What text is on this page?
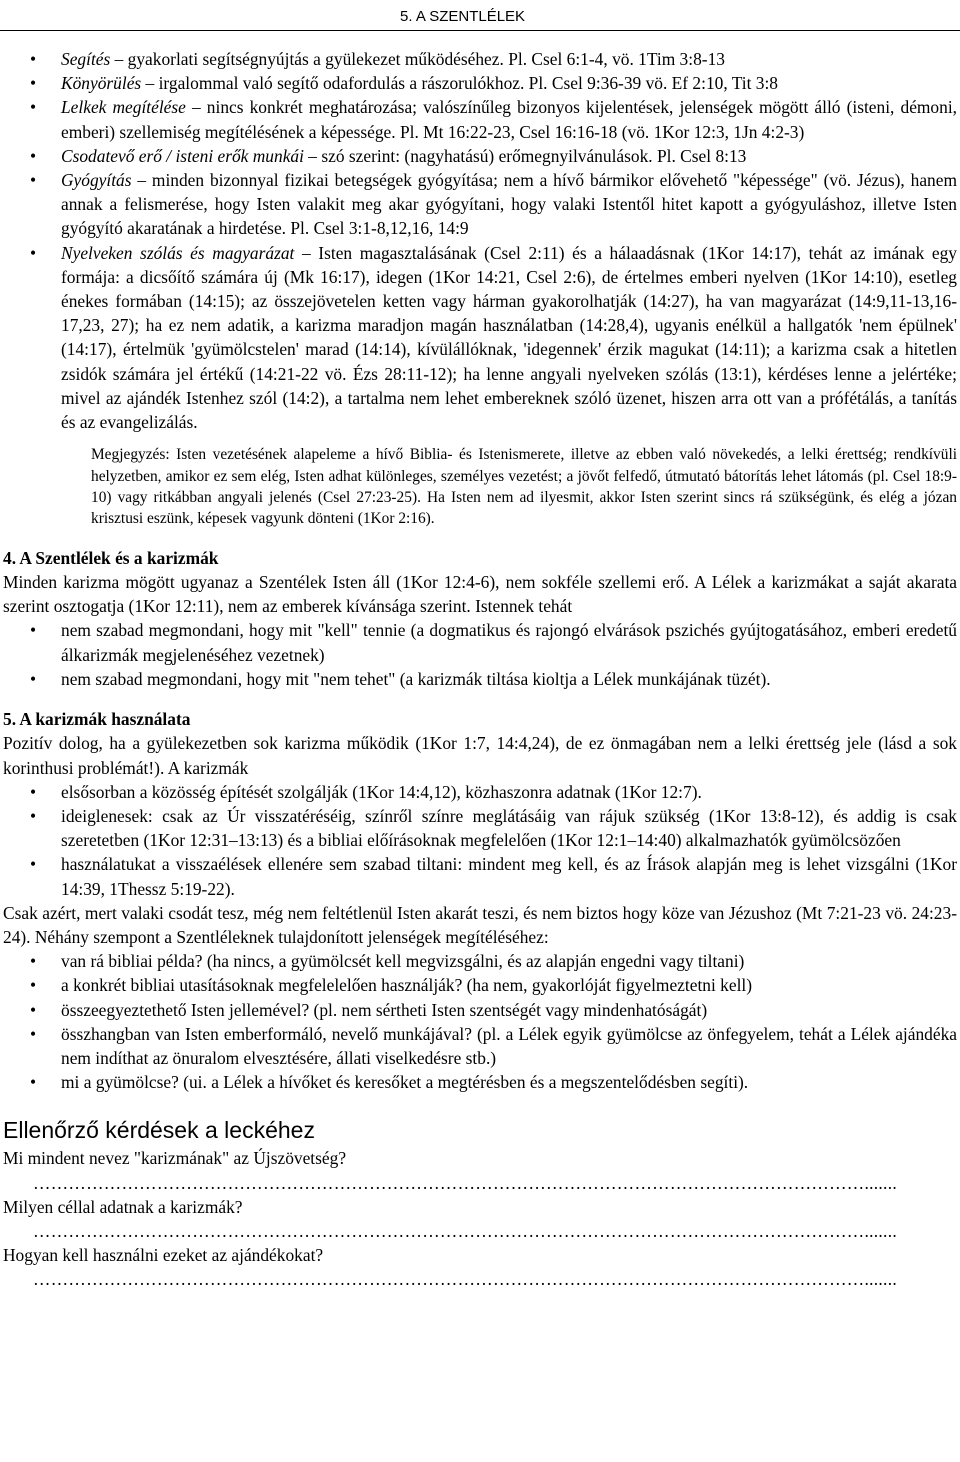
5. A SZENTLÉLEK
• Segítés – gyakorlati segítségnyújtás a gyülekezet működéséhez. Pl. Csel 6:1-4, vö. 1Tim 3:8-13
• Könyörülés – irgalommal való segítő odafordulás a rászorulókhoz. Pl. Csel 9:36-39 vö. Ef 2:10, Tit 3:8
• Lelkek megítélése – nincs konkrét meghatározása; valószínűleg bizonyos kijelentések, jelenségek mögött álló (isteni, démoni, emberi) szellemiség megítélésének a képessége. Pl. Mt 16:22-23, Csel 16:16-18 (vö. 1Kor 12:3, 1Jn 4:2-3)
• Csodatevő erő / isteni erők munkái – szó szerint: (nagyhatású) erőmegnyilvánulások. Pl. Csel 8:13
• Gyógyítás – minden bizonnyal fizikai betegségek gyógyítása; nem a hívő bármikor elővehető "képessége" (vö. Jézus), hanem annak a felismerése, hogy Isten valakit meg akar gyógyítani, hogy valaki Istentől hitet kapott a gyógyuláshoz, illetve Isten gyógyító akaratának a hirdetése. Pl. Csel 3:1-8,12,16, 14:9
• Nyelveken szólás és magyarázat – Isten magasztalásának (Csel 2:11) és a hálaadásnak (1Kor 14:17), tehát az imának egy formája: a dicsőítő számára új (Mk 16:17), idegen (1Kor 14:21, Csel 2:6), de értelmes emberi nyelven (1Kor 14:10), esetleg énekes formában (14:15); az összejövetelen ketten vagy hárman gyakorolhatják (14:27), ha van magyarázat (14:9,11-13,16-17,23, 27); ha ez nem adatik, a karizma maradjon magán használatban (14:28,4), ugyanis enélkül a hallgatók 'nem épülnek' (14:17), értelmük 'gyümölcstelen' marad (14:14), kívülállóknak, 'idegennek' érzik magukat (14:11); a karizma csak a hitetlen zsidók számára jel értékű (14:21-22 vö. Ézs 28:11-12); ha lenne angyali nyelveken szólás (13:1), kérdéses lenne a jelértéke; mivel az ajándék Istenhez szól (14:2), a tartalma nem lehet embereknek szóló üzenet, hiszen arra ott van a prófétálás, a tanítás és az evangelizálás.
Megjegyzés: Isten vezetésének alapeleme a hívő Biblia- és Istenismerete, illetve az ebben való növekedés, a lelki érettség; rendkívüli helyzetben, amikor ez sem elég, Isten adhat különleges, személyes vezetést; a jövőt felfedő, útmutató bátorítás lehet látomás (pl. Csel 18:9-10) vagy ritkábban angyali jelenés (Csel 27:23-25). Ha Isten nem ad ilyesmit, akkor Isten szerint sincs rá szükségünk, és elég a józan krisztusi eszünk, képesek vagyunk dönteni (1Kor 2:16).
4. A Szentlélek és a karizmák

Minden karizma mögött ugyanaz a Szentélek Isten áll (1Kor 12:4-6), nem sokféle szellemi erő. A Lélek a karizmákat a saját akarata szerint osztogatja (1Kor 12:11), nem az emberek kívánsága szerint. Istennek tehát

• nem szabad megmondani, hogy mit "kell" tennie (a dogmatikus és rajongó elvárások pszichés gyújtogatásához, emberi eredetű álkarizmák megjelenéséhez vezetnek)
• nem szabad megmondani, hogy mit "nem tehet" (a karizmák tiltása kioltja a Lélek munkájának tüzét).
5. A karizmák használata

Pozitív dolog, ha a gyülekezetben sok karizma működik (1Kor 1:7, 14:4,24), de ez önmagában nem a lelki érettség jele (lásd a sok korinthusi problémát!). A karizmák

• elsősorban a közösség építését szolgálják (1Kor 14:4,12), közhaszonra adatnak (1Kor 12:7).
• ideiglenesek: csak az Úr visszatéréséig, színről színre meglátásáig van rájuk szükség (1Kor 13:8-12), és addig is csak szeretetben (1Kor 12:31–13:13) és a bibliai előírásoknak megfelelően (1Kor 12:1–14:40) alkalmazhatók gyümölcsözően
• használatukat a visszaélések ellenére sem szabad tiltani: mindent meg kell, és az Írások alapján meg is lehet vizsgálni (1Kor 14:39, 1Thessz 5:19-22).

Csak azért, mert valaki csodát tesz, még nem feltétlenül Isten akarát teszi, és nem biztos hogy köze van Jézushoz (Mt 7:21-23 vö. 24:23-24). Néhány szempont a Szentléleknek tulajdonított jelenségek megítéléséhez:

• van rá bibliai példa? (ha nincs, a gyümölcsét kell megvizsgálni, és az alapján engedni vagy tiltani)
• a konkrét bibliai utasításoknak megfelelelően használják? (ha nem, gyakorlóját figyelmeztetni kell)
• összeegyeztethető Isten jellemével? (pl. nem sértheti Isten szentségét vagy mindenhatóságát)
• összhangban van Isten emberformáló, nevelő munkájával? (pl. a Lélek egyik gyümölcse az önfegyelem, tehát a Lélek ajándéka nem indíthat az önuralom elvesztésére, állati viselkedésre stb.)
• mi a gyümölcse? (ui. a Lélek a hívőket és keresőket a megtérésben és a megszentelődésben segíti).
Ellenőrző kérdések a leckéhez

Mi mindent nevez "karizmának" az Újszövetség?

…………………………………………………………………………………………………………………………….......

Milyen céllal adatnak a karizmák?

…………………………………………………………………………………………………………………………….......

Hogyan kell használni ezeket az ajándékokat?

…………………………………………………………………………………………………………………………….......
